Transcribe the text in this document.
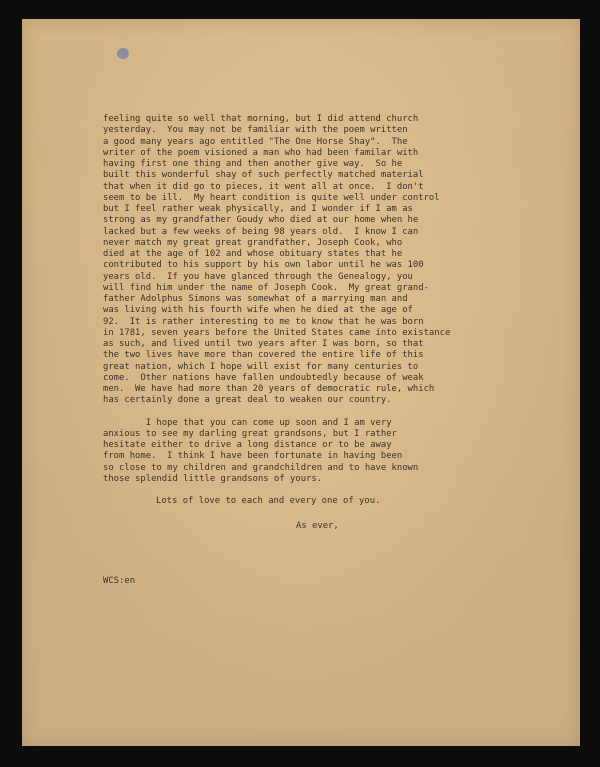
feeling quite so well that morning, but I did attend church

yesterday.  You may not be familiar with the poem written

a good many years ago entitled "The One Horse Shay".  The

writer of the poem visioned a man who had been familar with

having first one thing and then another give way.  So he

built this wonderful shay of such perfectly matched material

that when it did go to pieces, it went all at once.  I don't

seem to be ill.  My heart condition is quite well under control

but I feel rather weak physically, and I wonder if I am as

strong as my grandfather Goudy who died at our home when he

lacked but a few weeks of being 98 years old.  I know I can

never match my great great grandfather, Joseph Cook, who

died at the age of 102 and whose obituary states that he

contributed to his support by his own labor until he was 100

years old.  If you have glanced through the Genealogy, you

will find him under the name of Joseph Cook.  My great grand-

father Adolphus Simons was somewhat of a marrying man and

was living with his fourth wife when he died at the age of

92.  It is rather interesting to me to know that he was born

in 1781, seven years before the United States came into existance

as such, and lived until two years after I was born, so that

the two lives have more than covered the entire life of this

great nation, which I hope will exist for many centuries to

come.  Other nations have fallen undoubtedly because of weak

men.  We have had more than 20 years of democratic rule, which

has certainly done a great deal to weaken our country.

I hope that you can come up soon and I am very

anxious to see my darling great grandsons, but I rather

hesitate either to drive a long distance or to be away

from home.  I think I have been fortunate in having been

so close to my children and grandchildren and to have known

those splendid little grandsons of yours.

Lots of love to each and every one of you.
As ever,
WCS:en
